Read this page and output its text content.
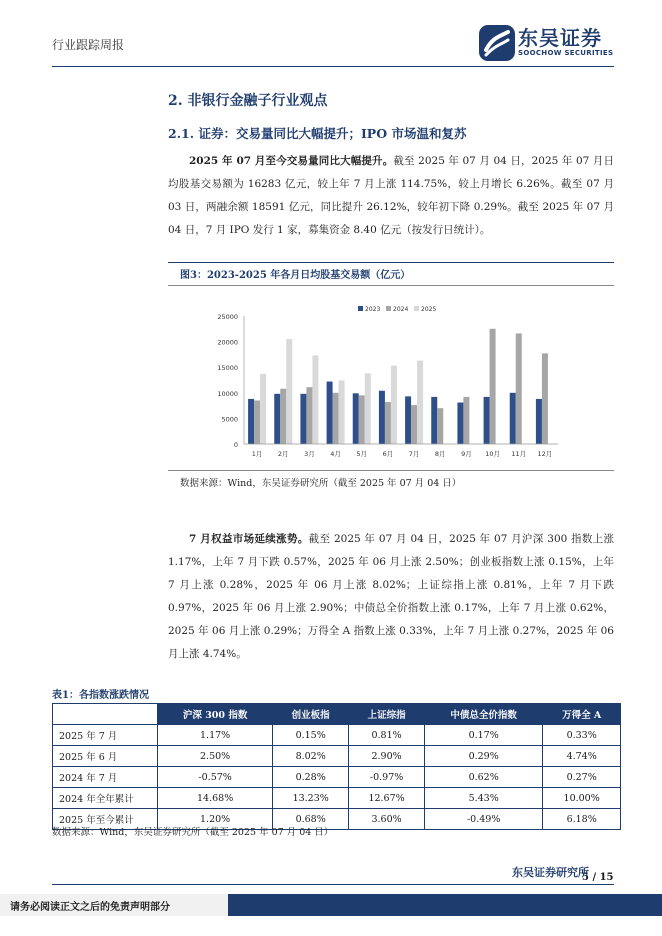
行业跟踪周报	东吴证券
SOOCHOW SECURITIES
2. 非银行金融子行业观点
2.1. 证券：交易量同比大幅提升；IPO 市场温和复苏
2025 年 07 月至今交易量同比大幅提升。截至 2025 年 07 月 04 日，2025 年 07 月日均股基交易额为 16283 亿元，较上年 7 月上涨 114.75%，较上月增长 6.26%。截至 07 月 03 日，两融余额 18591 亿元，同比提升 26.12%，较年初下降 0.29%。截至 2025 年 07 月 04 日，7 月 IPO 发行 1 家，募集资金 8.40 亿元（按发行日统计）。
图3：2023-2025 年各月日均股基交易额（亿元）
2023 2024 2025
0
5000
10000
15000
20000
25000
1月 2月 3月 4月 5月 6月 7月 8月 9月 10月 11月 12月
数据来源：Wind，东吴证券研究所（截至 2025 年 07 月 04 日）
7 月权益市场延续涨势。截至 2025 年 07 月 04 日，2025 年 07 月沪深 300 指数上涨 1.17%，上年 7 月下跌 0.57%，2025 年 06 月上涨 2.50%；创业板指数上涨 0.15%，上年 7 月上涨 0.28%，2025 年 06 月上涨 8.02%；上证综指上涨 0.81%，上年 7 月下跌 0.97%，2025 年 06 月上涨 2.90%；中债总全价指数上涨 0.17%，上年 7 月上涨 0.62%，2025 年 06 月上涨 0.29%；万得全 A 指数上涨 0.33%，上年 7 月上涨 0.27%，2025 年 06 月上涨 4.74%。
表1：各指数涨跌情况
	沪深 300 指数	创业板指	上证综指	中债总全价指数	万得全 A
2025 年 7 月	1.17%	0.15%	0.81%	0.17%	0.33%
2025 年 6 月	2.50%	8.02%	2.90%	0.29%	4.74%
2024 年 7 月	-0.57%	0.28%	-0.97%	0.62%	0.27%
2024 年全年累计	14.68%	13.23%	12.67%	5.43%	10.00%
2025 年至今累计	1.20%	0.68%	3.60%	-0.49%	6.18%
数据来源：Wind，东吴证券研究所（截至 2025 年 07 月 04 日）
5 / 15
东吴证券研究所
请务必阅读正文之后的免责声明部分
